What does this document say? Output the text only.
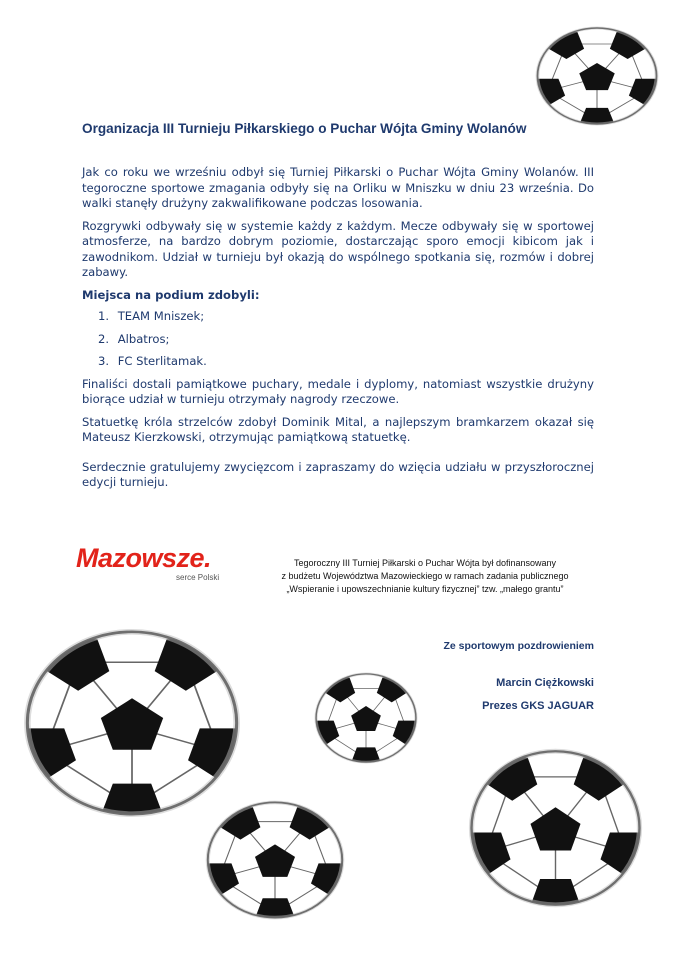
Organizacja III Turnieju Piłkarskiego o Puchar Wójta Gminy Wolanów

Jak co roku we wrześniu odbył się Turniej Piłkarski o Puchar Wójta Gminy Wolanów. III tegoroczne sportowe zmagania odbyły się na Orliku w Mniszku w dniu 23 września. Do walki stanęły drużyny zakwalifikowane podczas losowania.

Rozgrywki odbywały się w systemie każdy z każdym. Mecze odbywały się w sportowej atmosferze, na bardzo dobrym poziomie, dostarczając sporo emocji kibicom jak i zawodnikom. Udział w turnieju był okazją do wspólnego spotkania się, rozmów i dobrej zabawy.

Miejsca na podium zdobyli:
1. TEAM Mniszek;
2. Albatros;
3. FC Sterlitamak.

Finaliści dostali pamiątkowe puchary, medale i dyplomy, natomiast wszystkie drużyny biorące udział w turnieju otrzymały nagrody rzeczowe.

Statuetkę króla strzelców zdobył Dominik Mital, a najlepszym bramkarzem okazał się Mateusz Kierzkowski, otrzymując pamiątkową statuetkę.

Serdecznie gratulujemy zwycięzcom i zapraszamy do wzięcia udziału w przyszłorocznej edycji turnieju.

Mazowsze.
serce Polski
Tegoroczny III Turniej Piłkarski o Puchar Wójta był dofinansowany
z budżetu Województwa Mazowieckiego w ramach zadania publicznego
„Wspieranie i upowszechnianie kultury fizycznej” tzw. „małego grantu”
Ze sportowym pozdrowieniem
Marcin Ciężkowski
Prezes GKS JAGUAR
